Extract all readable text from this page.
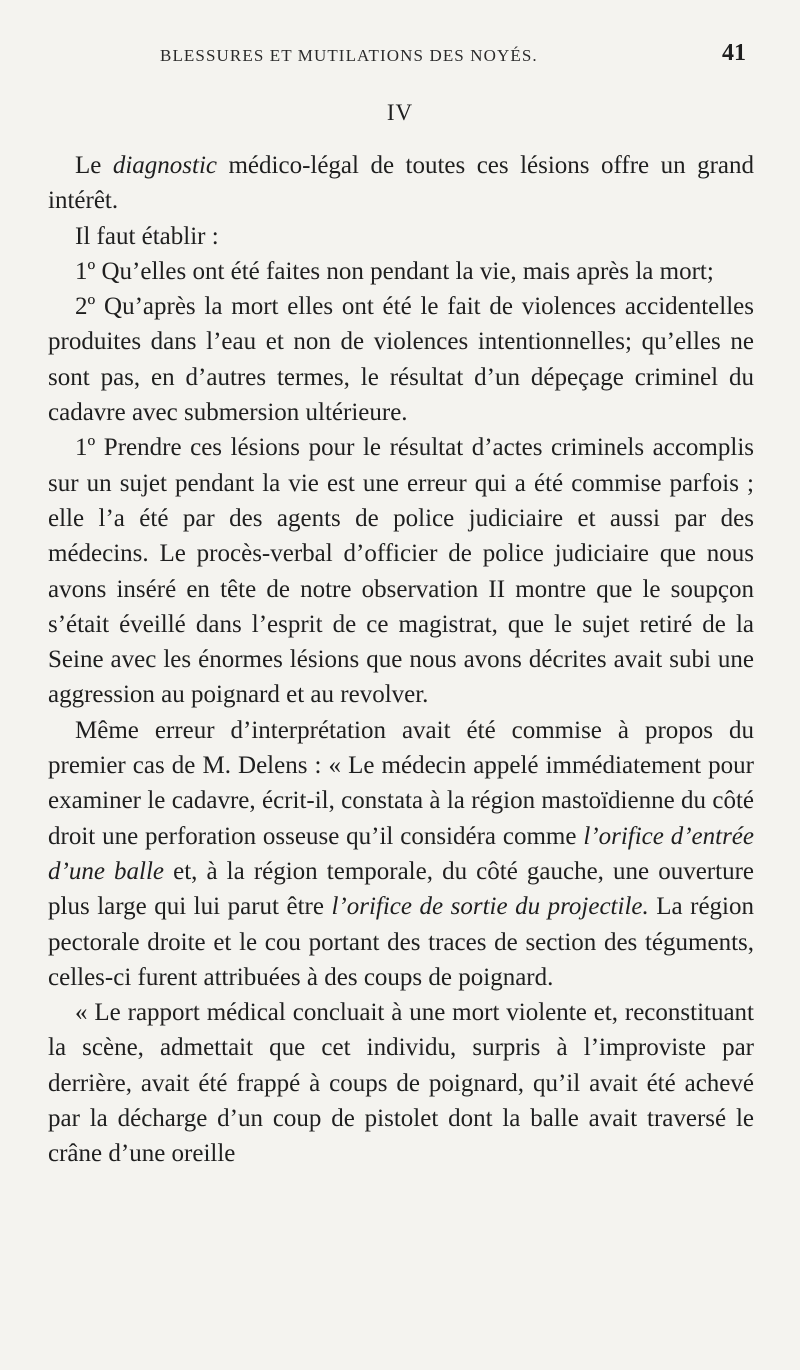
BLESSURES ET MUTILATIONS DES NOYÉS.	41
IV

Le diagnostic médico-légal de toutes ces lésions offre un grand intérêt.

Il faut établir :

1º Qu’elles ont été faites non pendant la vie, mais après la mort;

2º Qu’après la mort elles ont été le fait de violences accidentelles produites dans l’eau et non de violences intentionnelles; qu’elles ne sont pas, en d’autres termes, le résultat d’un dépeçage criminel du cadavre avec submersion ultérieure.

1º Prendre ces lésions pour le résultat d’actes criminels accomplis sur un sujet pendant la vie est une erreur qui a été commise parfois ; elle l’a été par des agents de police judiciaire et aussi par des médecins. Le procès-verbal d’officier de police judiciaire que nous avons inséré en tête de notre observation II montre que le soupçon s’était éveillé dans l’esprit de ce magistrat, que le sujet retiré de la Seine avec les énormes lésions que nous avons décrites avait subi une aggression au poignard et au revolver.

Même erreur d’interprétation avait été commise à propos du premier cas de M. Delens : « Le médecin appelé immédiatement pour examiner le cadavre, écrit-il, constata à la région mastoïdienne du côté droit une perforation osseuse qu’il considéra comme l’orifice d’entrée d’une balle et, à la région temporale, du côté gauche, une ouverture plus large qui lui parut être l’orifice de sortie du projectile. La région pectorale droite et le cou portant des traces de section des téguments, celles-ci furent attribuées à des coups de poignard.

« Le rapport médical concluait à une mort violente et, reconstituant la scène, admettait que cet individu, surpris à l’improviste par derrière, avait été frappé à coups de poignard, qu’il avait été achevé par la décharge d’un coup de pistolet dont la balle avait traversé le crâne d’une oreille
